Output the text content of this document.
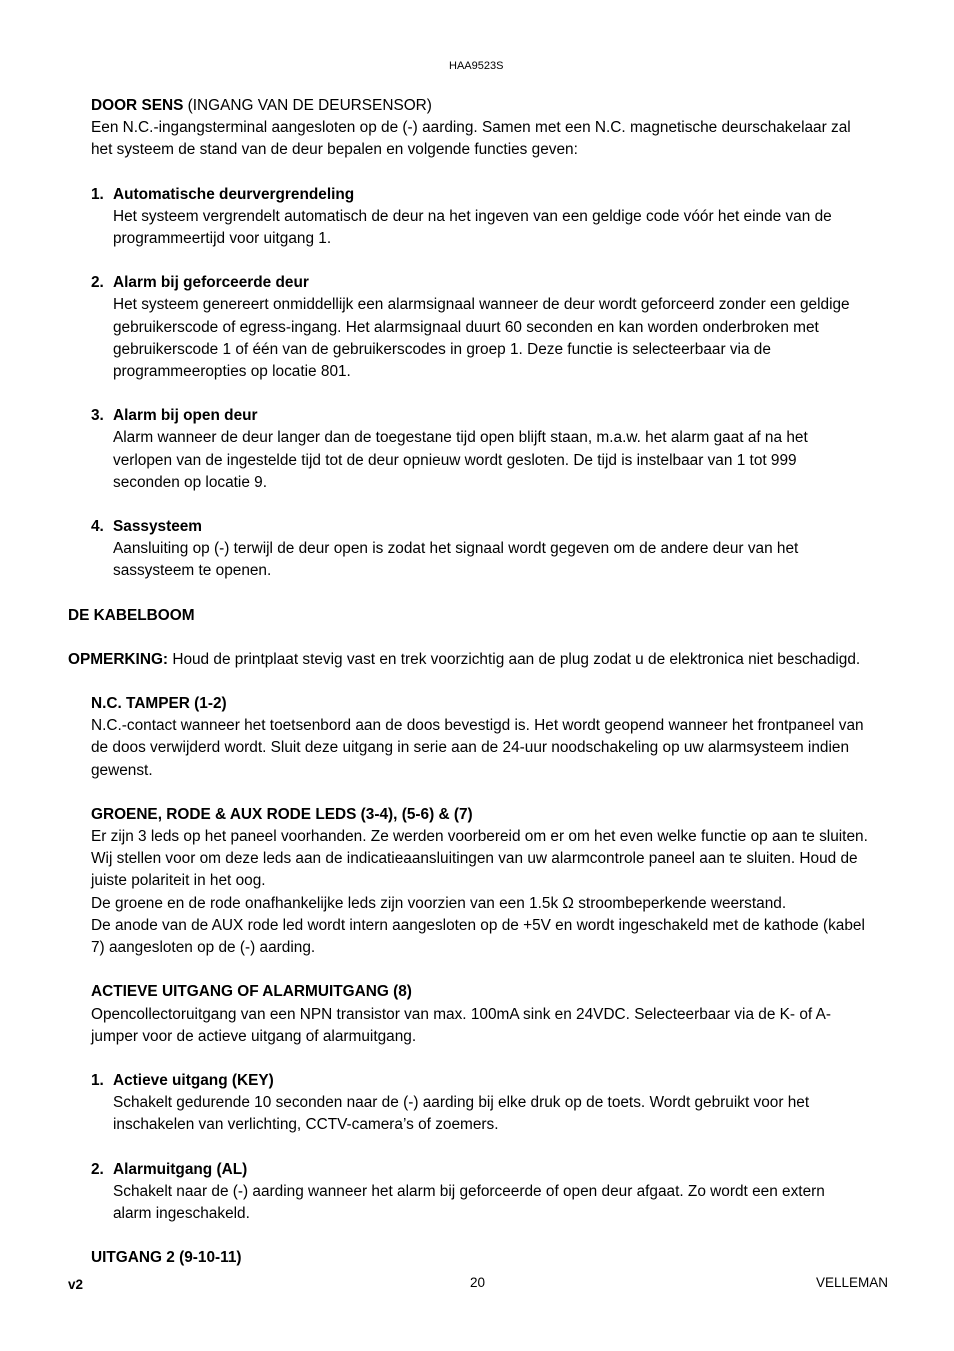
HAA9523S

DOOR SENS (INGANG VAN DE DEURSENSOR)

Een N.C.-ingangsterminal aangesloten op de (-) aarding. Samen met een N.C. magnetische deurschakelaar zal
het systeem de stand van de deur bepalen en volgende functies geven:
1. Automatische deurvergrendeling
Het systeem vergrendelt automatisch de deur na het ingeven van een geldige code vóór het einde van de
programmeertijd voor uitgang 1.
2. Alarm bij geforceerde deur
Het systeem genereert onmiddellijk een alarmsignaal wanneer de deur wordt geforceerd zonder een geldige
gebruikerscode of egress-ingang. Het alarmsignaal duurt 60 seconden en kan worden onderbroken met
gebruikerscode 1 of één van de gebruikerscodes in groep 1. Deze functie is selecteerbaar via de
programmeeropties op locatie 801.
3. Alarm bij open deur
Alarm wanneer de deur langer dan de toegestane tijd open blijft staan, m.a.w. het alarm gaat af na het
verlopen van de ingestelde tijd tot de deur opnieuw wordt gesloten. De tijd is instelbaar van 1 tot 999
seconden op locatie 9.
4. Sassysteem
Aansluiting op (-) terwijl de deur open is zodat het signaal wordt gegeven om de andere deur van het
sassysteem te openen.

DE KABELBOOM

OPMERKING: Houd de printplaat stevig vast en trek voorzichtig aan de plug zodat u de elektronica niet beschadigd.

N.C. TAMPER (1-2)
N.C.-contact wanneer het toetsenbord aan de doos bevestigd is. Het wordt geopend wanneer het frontpaneel van
de doos verwijderd wordt. Sluit deze uitgang in serie aan de 24-uur noodschakeling op uw alarmsysteem indien
gewenst.
GROENE, RODE & AUX RODE LEDS (3-4), (5-6) & (7)
Er zijn 3 leds op het paneel voorhanden. Ze werden voorbereid om er om het even welke functie op aan te sluiten.
Wij stellen voor om deze leds aan de indicatieaansluitingen van uw alarmcontrole paneel aan te sluiten. Houd de
juiste polariteit in het oog.
De groene en de rode onafhankelijke leds zijn voorzien van een 1.5k Ω stroombeperkende weerstand.
De anode van de AUX rode led wordt intern aangesloten op de +5V en wordt ingeschakeld met de kathode (kabel
7) aangesloten op de (-) aarding.
ACTIEVE UITGANG OF ALARMUITGANG (8)
Opencollectoruitgang van een NPN transistor van max. 100mA sink en 24VDC. Selecteerbaar via de K- of A-
jumper voor de actieve uitgang of alarmuitgang.
1. Actieve uitgang (KEY)
Schakelt gedurende 10 seconden naar de (-) aarding bij elke druk op de toets. Wordt gebruikt voor het
inschakelen van verlichting, CCTV-camera’s of zoemers.
2. Alarmuitgang (AL)
Schakelt naar de (-) aarding wanneer het alarm bij geforceerde of open deur afgaat. Zo wordt een extern
alarm ingeschakeld.
UITGANG 2 (9-10-11)
v2	20	VELLEMAN
